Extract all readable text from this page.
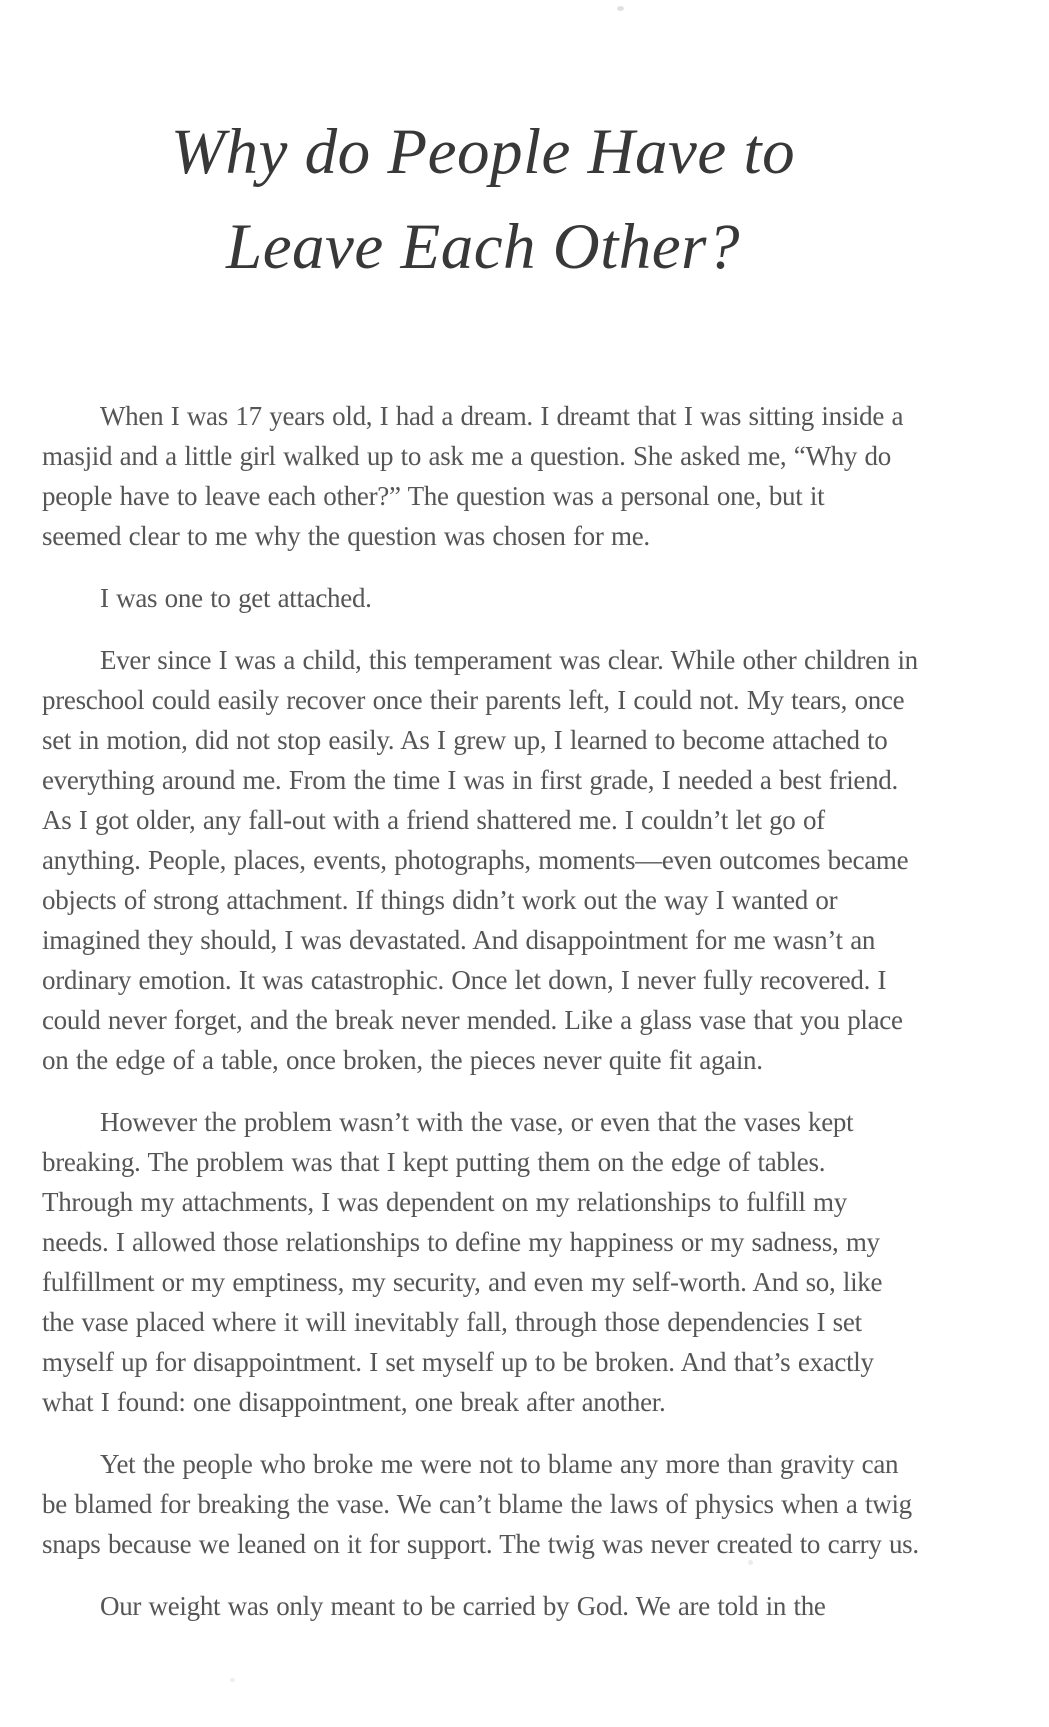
Why do People Have to
Leave Each Other?

When I was 17 years old, I had a dream. I dreamt that I was sitting inside a
masjid and a little girl walked up to ask me a question. She asked me, “Why do
people have to leave each other?” The question was a personal one, but it
seemed clear to me why the question was chosen for me.

I was one to get attached.

Ever since I was a child, this temperament was clear. While other children in
preschool could easily recover once their parents left, I could not. My tears, once
set in motion, did not stop easily. As I grew up, I learned to become attached to
everything around me. From the time I was in first grade, I needed a best friend.
As I got older, any fall-out with a friend shattered me. I couldn’t let go of
anything. People, places, events, photographs, moments—even outcomes became
objects of strong attachment. If things didn’t work out the way I wanted or
imagined they should, I was devastated. And disappointment for me wasn’t an
ordinary emotion. It was catastrophic. Once let down, I never fully recovered. I
could never forget, and the break never mended. Like a glass vase that you place
on the edge of a table, once broken, the pieces never quite fit again.

However the problem wasn’t with the vase, or even that the vases kept
breaking. The problem was that I kept putting them on the edge of tables.
Through my attachments, I was dependent on my relationships to fulfill my
needs. I allowed those relationships to define my happiness or my sadness, my
fulfillment or my emptiness, my security, and even my self-worth. And so, like
the vase placed where it will inevitably fall, through those dependencies I set
myself up for disappointment. I set myself up to be broken. And that’s exactly
what I found: one disappointment, one break after another.

Yet the people who broke me were not to blame any more than gravity can
be blamed for breaking the vase. We can’t blame the laws of physics when a twig
snaps because we leaned on it for support. The twig was never created to carry us.

Our weight was only meant to be carried by God. We are told in the
